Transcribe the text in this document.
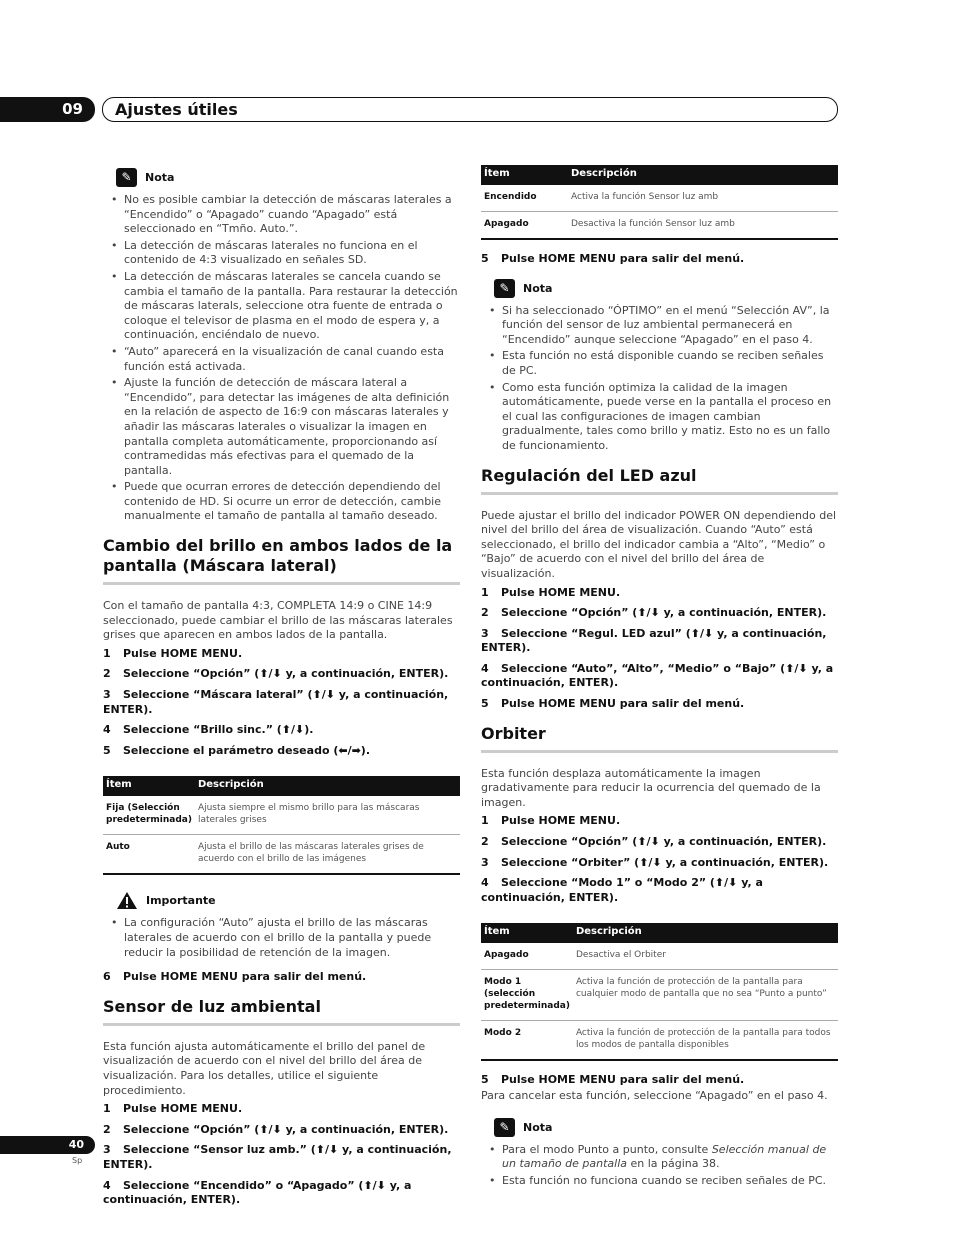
09	Ajustes útiles
✎	Nota
• No es posible cambiar la detección de máscaras laterales a “Encendido” o “Apagado” cuando “Apagado” está seleccionado en “Tmño. Auto.”.
• La detección de máscaras laterales no funciona en el contenido de 4:3 visualizado en señales SD.
• La detección de máscaras laterales se cancela cuando se cambia el tamaño de la pantalla. Para restaurar la detección de máscaras laterals, seleccione otra fuente de entrada o coloque el televisor de plasma en el modo de espera y, a continuación, enciéndalo de nuevo.
• “Auto” aparecerá en la visualización de canal cuando esta función está activada.
• Ajuste la función de detección de máscara lateral a “Encendido”, para detectar las imágenes de alta definición en la relación de aspecto de 16:9 con máscaras laterales y añadir las máscaras laterales o visualizar la imagen en pantalla completa automáticamente, proporcionando así contramedidas más efectivas para el quemado de la pantalla.
• Puede que ocurran errores de detección dependiendo del contenido de HD. Si ocurre un error de detección, cambie manualmente el tamaño de pantalla al tamaño deseado.
Cambio del brillo en ambos lados de la pantalla (Máscara lateral)

Con el tamaño de pantalla 4:3, COMPLETA 14:9 o CINE 14:9 seleccionado, puede cambiar el brillo de las máscaras laterales grises que aparecen en ambos lados de la pantalla.

1 Pulse HOME MENU.

2 Seleccione “Opción” (⬆/⬇ y, a continuación, ENTER).

3 Seleccione “Máscara lateral” (⬆/⬇ y, a continuación, ENTER).

4 Seleccione “Brillo sinc.” (⬆/⬇).

5 Seleccione el parámetro deseado (⬅/➡).

Ítem	Descripción
Fija (Selección predeterminada)	Ajusta siempre el mismo brillo para las máscaras laterales grises
Auto	Ajusta el brillo de las máscaras laterales grises de acuerdo con el brillo de las imágenes
Importante
• La configuración “Auto” ajusta el brillo de las máscaras laterales de acuerdo con el brillo de la pantalla y puede reducir la posibilidad de retención de la imagen.

6 Pulse HOME MENU para salir del menú.

Sensor de luz ambiental

Esta función ajusta automáticamente el brillo del panel de visualización de acuerdo con el nivel del brillo del área de visualización. Para los detalles, utilice el siguiente procedimiento.

1 Pulse HOME MENU.

2 Seleccione “Opción” (⬆/⬇ y, a continuación, ENTER).

3 Seleccione “Sensor luz amb.” (⬆/⬇ y, a continuación, ENTER).

4 Seleccione “Encendido” o “Apagado” (⬆/⬇ y, a continuación, ENTER).

Ítem	Descripción
Encendido	Activa la función Sensor luz amb
Apagado	Desactiva la función Sensor luz amb

5 Pulse HOME MENU para salir del menú.

✎	Nota
• Si ha seleccionado “ÓPTIMO” en el menú “Selección AV”, la función del sensor de luz ambiental permanecerá en “Encendido” aunque seleccione “Apagado” en el paso 4.
• Esta función no está disponible cuando se reciben señales de PC.
• Como esta función optimiza la calidad de la imagen automáticamente, puede verse en la pantalla el proceso en el cual las configuraciones de imagen cambian gradualmente, tales como brillo y matiz. Esto no es un fallo de funcionamiento.
Regulación del LED azul

Puede ajustar el brillo del indicador POWER ON dependiendo del nivel del brillo del área de visualización. Cuando “Auto” está seleccionado, el brillo del indicador cambia a “Alto”, “Medio” o “Bajo” de acuerdo con el nivel del brillo del área de visualización.

1 Pulse HOME MENU.

2 Seleccione “Opción” (⬆/⬇ y, a continuación, ENTER).

3 Seleccione “Regul. LED azul” (⬆/⬇ y, a continuación, ENTER).

4 Seleccione “Auto”, “Alto”, “Medio” o “Bajo” (⬆/⬇ y, a continuación, ENTER).

5 Pulse HOME MENU para salir del menú.

Orbiter

Esta función desplaza automáticamente la imagen gradativamente para reducir la ocurrencia del quemado de la imagen.

1 Pulse HOME MENU.

2 Seleccione “Opción” (⬆/⬇ y, a continuación, ENTER).

3 Seleccione “Orbiter” (⬆/⬇ y, a continuación, ENTER).

4 Seleccione “Modo 1” o “Modo 2” (⬆/⬇ y, a continuación, ENTER).

Ítem	Descripción
Apagado	Desactiva el Orbiter
Modo 1 (selección predeterminada)	Activa la función de protección de la pantalla para cualquier modo de pantalla que no sea “Punto a punto”
Modo 2	Activa la función de protección de la pantalla para todos los modos de pantalla disponibles

5 Pulse HOME MENU para salir del menú.

Para cancelar esta función, seleccione “Apagado” en el paso 4.

✎	Nota
• Para el modo Punto a punto, consulte Selección manual de un tamaño de pantalla en la página 38.
• Esta función no funciona cuando se reciben señales de PC.
40
Sp
